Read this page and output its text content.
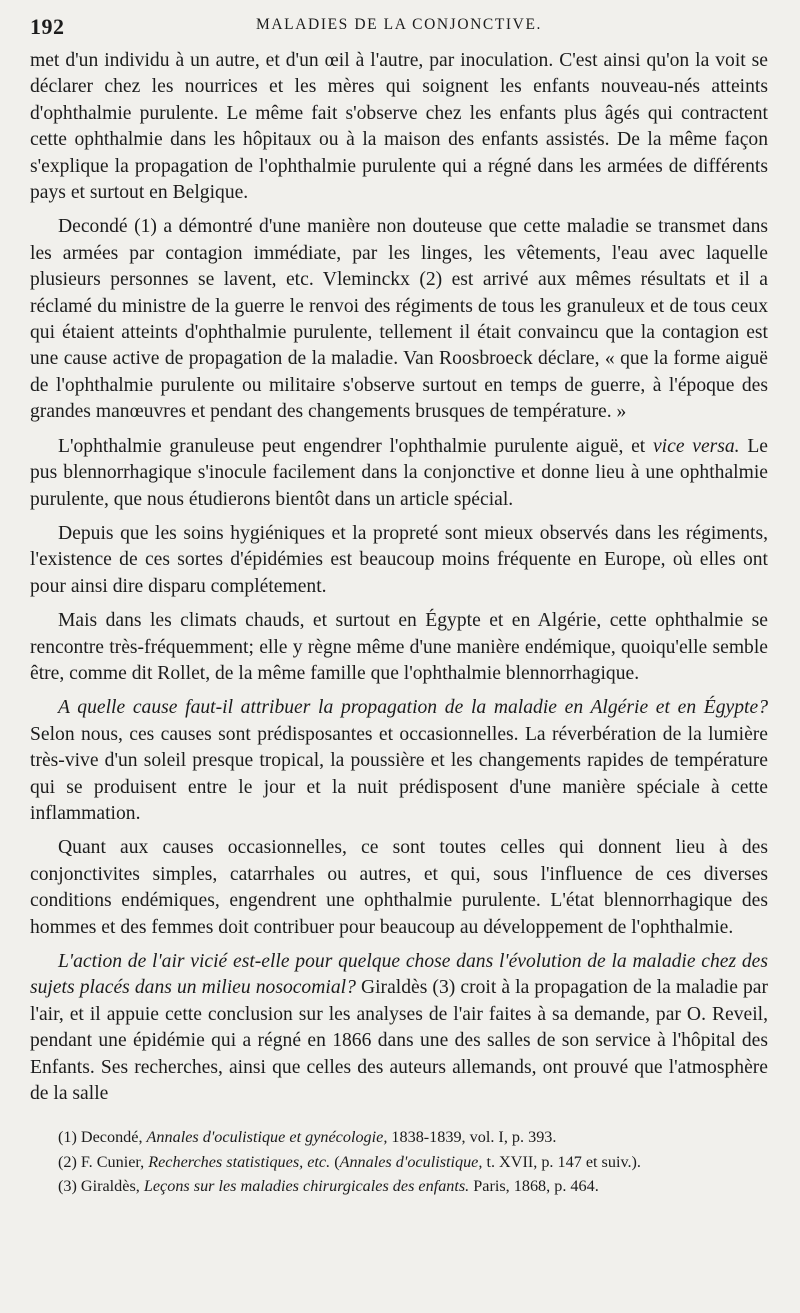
192	MALADIES DE LA CONJONCTIVE.

met d'un individu à un autre, et d'un œil à l'autre, par inoculation. C'est ainsi qu'on la voit se déclarer chez les nourrices et les mères qui soignent les enfants nouveau-nés atteints d'ophthalmie purulente. Le même fait s'observe chez les enfants plus âgés qui contractent cette ophthalmie dans les hôpitaux ou à la maison des enfants assistés. De la même façon s'explique la propagation de l'ophthalmie purulente qui a régné dans les armées de différents pays et surtout en Belgique.

Decondé (1) a démontré d'une manière non douteuse que cette maladie se transmet dans les armées par contagion immédiate, par les linges, les vêtements, l'eau avec laquelle plusieurs personnes se lavent, etc. Vleminckx (2) est arrivé aux mêmes résultats et il a réclamé du ministre de la guerre le renvoi des régiments de tous les granuleux et de tous ceux qui étaient atteints d'ophthalmie purulente, tellement il était convaincu que la contagion est une cause active de propagation de la maladie. Van Roosbroeck déclare, « que la forme aiguë de l'ophthalmie purulente ou militaire s'observe surtout en temps de guerre, à l'époque des grandes manœuvres et pendant des changements brusques de température. »

L'ophthalmie granuleuse peut engendrer l'ophthalmie purulente aiguë, et vice versa. Le pus blennorrhagique s'inocule facilement dans la conjonctive et donne lieu à une ophthalmie purulente, que nous étudierons bientôt dans un article spécial.

Depuis que les soins hygiéniques et la propreté sont mieux observés dans les régiments, l'existence de ces sortes d'épidémies est beaucoup moins fréquente en Europe, où elles ont pour ainsi dire disparu complétement.

Mais dans les climats chauds, et surtout en Égypte et en Algérie, cette ophthalmie se rencontre très-fréquemment; elle y règne même d'une manière endémique, quoiqu'elle semble être, comme dit Rollet, de la même famille que l'ophthalmie blennorrhagique.

A quelle cause faut-il attribuer la propagation de la maladie en Algérie et en Égypte? Selon nous, ces causes sont prédisposantes et occasionnelles. La réverbération de la lumière très-vive d'un soleil presque tropical, la poussière et les changements rapides de température qui se produisent entre le jour et la nuit prédisposent d'une manière spéciale à cette inflammation.

Quant aux causes occasionnelles, ce sont toutes celles qui donnent lieu à des conjonctivites simples, catarrhales ou autres, et qui, sous l'influence de ces diverses conditions endémiques, engendrent une ophthalmie purulente. L'état blennorrhagique des hommes et des femmes doit contribuer pour beaucoup au développement de l'ophthalmie.

L'action de l'air vicié est-elle pour quelque chose dans l'évolution de la maladie chez des sujets placés dans un milieu nosocomial? Giraldès (3) croit à la propagation de la maladie par l'air, et il appuie cette conclusion sur les analyses de l'air faites à sa demande, par O. Reveil, pendant une épidémie qui a régné en 1866 dans une des salles de son service à l'hôpital des Enfants. Ses recherches, ainsi que celles des auteurs allemands, ont prouvé que l'atmosphère de la salle

(1) Decondé, Annales d'oculistique et gynécologie, 1838-1839, vol. I, p. 393.

(2) F. Cunier, Recherches statistiques, etc. (Annales d'oculistique, t. XVII, p. 147 et suiv.).

(3) Giraldès, Leçons sur les maladies chirurgicales des enfants. Paris, 1868, p. 464.
